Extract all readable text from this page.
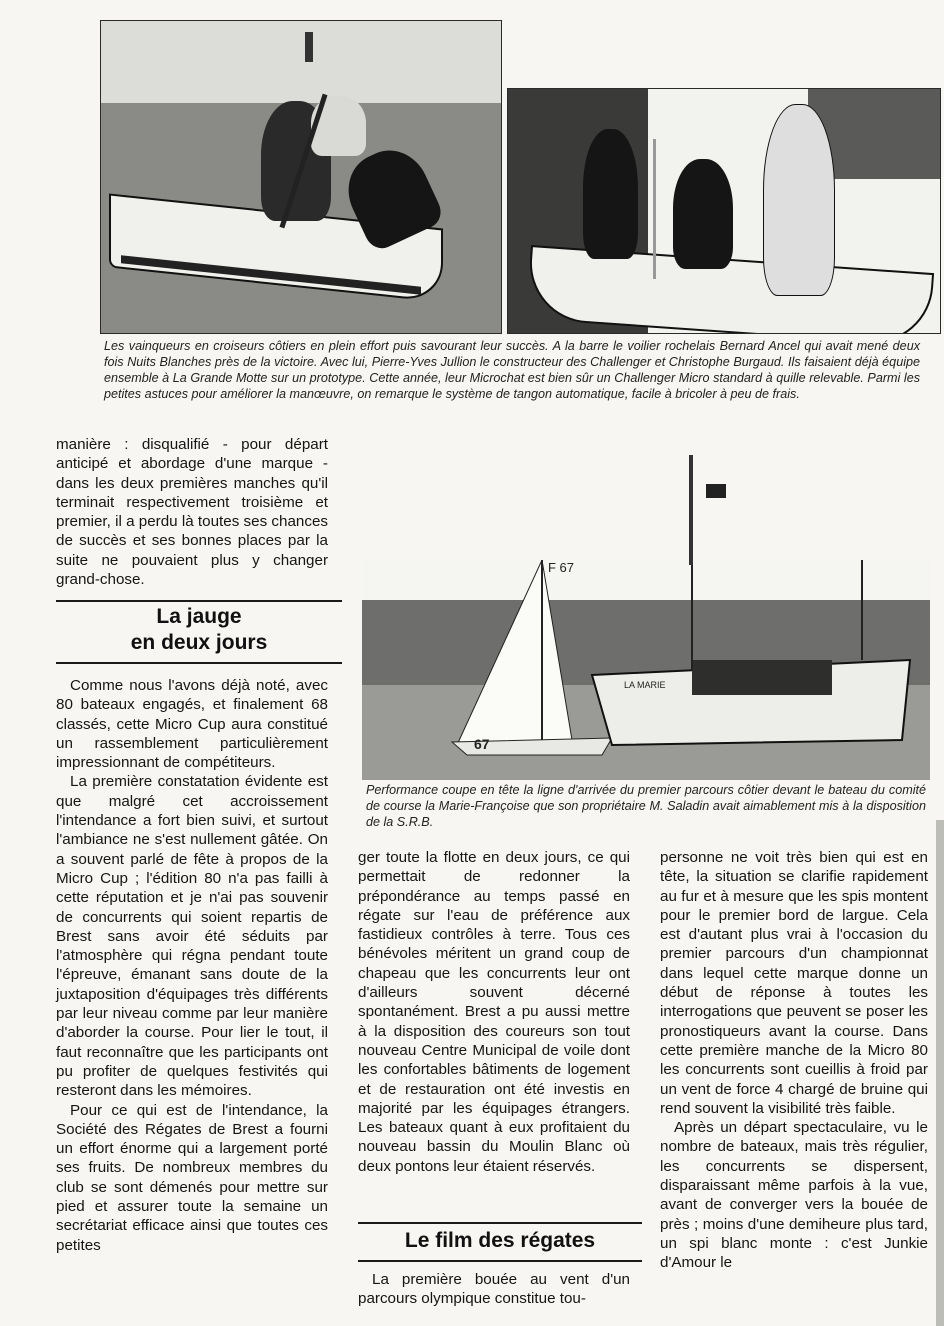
Les vainqueurs en croiseurs côtiers en plein effort puis savourant leur succès. A la barre le voilier rochelais Bernard Ancel qui avait mené deux fois Nuits Blanches près de la victoire. Avec lui, Pierre-Yves Jullion le constructeur des Challenger et Christophe Burgaud. Ils faisaient déjà équipe ensemble à La Grande Motte sur un prototype. Cette année, leur Microchat est bien sûr un Challenger Micro standard à quille relevable. Parmi les petites astuces pour améliorer la manœuvre, on remarque le système de tangon automatique, facile à bricoler à peu de frais.

manière : disqualifié - pour départ anticipé et abordage d'une marque - dans les deux premières manches qu'il terminait respectivement troisième et premier, il a perdu là toutes ses chances de succès et ses bonnes places par la suite ne pouvaient plus y changer grand-chose.

La jauge
en deux jours

Comme nous l'avons déjà noté, avec 80 bateaux engagés, et finalement 68 classés, cette Micro Cup aura constitué un rassemblement particulièrement impressionnant de compétiteurs.

La première constatation évidente est que malgré cet accroissement l'intendance a fort bien suivi, et surtout l'ambiance ne s'est nullement gâtée. On a souvent parlé de fête à propos de la Micro Cup ; l'édition 80 n'a pas failli à cette réputation et je n'ai pas souvenir de concurrents qui soient repartis de Brest sans avoir été séduits par l'atmosphère qui régna pendant toute l'épreuve, émanant sans doute de la juxtaposition d'équipages très différents par leur niveau comme par leur manière d'aborder la course. Pour lier le tout, il faut reconnaître que les participants ont pu profiter de quelques festivités qui resteront dans les mémoires.

Pour ce qui est de l'intendance, la Société des Régates de Brest a fourni un effort énorme qui a largement porté ses fruits. De nombreux membres du club se sont démenés pour mettre sur pied et assurer toute la semaine un secrétariat efficace ainsi que toutes ces petites

F 67
67
LA MARIE
Performance coupe en tête la ligne d'arrivée du premier parcours côtier devant le bateau du comité de course la Marie-Françoise que son propriétaire M. Saladin avait aimablement mis à la disposition de la S.R.B.

ger toute la flotte en deux jours, ce qui permettait de redonner la prépondérance au temps passé en régate sur l'eau de préférence aux fastidieux contrôles à terre. Tous ces bénévoles méritent un grand coup de chapeau que les concurrents leur ont d'ailleurs souvent décerné spontanément. Brest a pu aussi mettre à la disposition des coureurs son tout nouveau Centre Municipal de voile dont les confortables bâtiments de logement et de restauration ont été investis en majorité par les équipages étrangers. Les bateaux quant à eux profitaient du nouveau bassin du Moulin Blanc où deux pontons leur étaient réservés.

Le film des régates

La première bouée au vent d'un parcours olympique constitue tou-

personne ne voit très bien qui est en tête, la situation se clarifie rapidement au fur et à mesure que les spis montent pour le premier bord de largue. Cela est d'autant plus vrai à l'occasion du premier parcours d'un championnat dans lequel cette marque donne un début de réponse à toutes les interrogations que peuvent se poser les pronostiqueurs avant la course. Dans cette première manche de la Micro 80 les concurrents sont cueillis à froid par un vent de force 4 chargé de bruine qui rend souvent la visibilité très faible.

Après un départ spectaculaire, vu le nombre de bateaux, mais très régulier, les concurrents se dispersent, disparaissant même parfois à la vue, avant de converger vers la bouée de près ; moins d'une demiheure plus tard, un spi blanc monte : c'est Junkie d'Amour le
